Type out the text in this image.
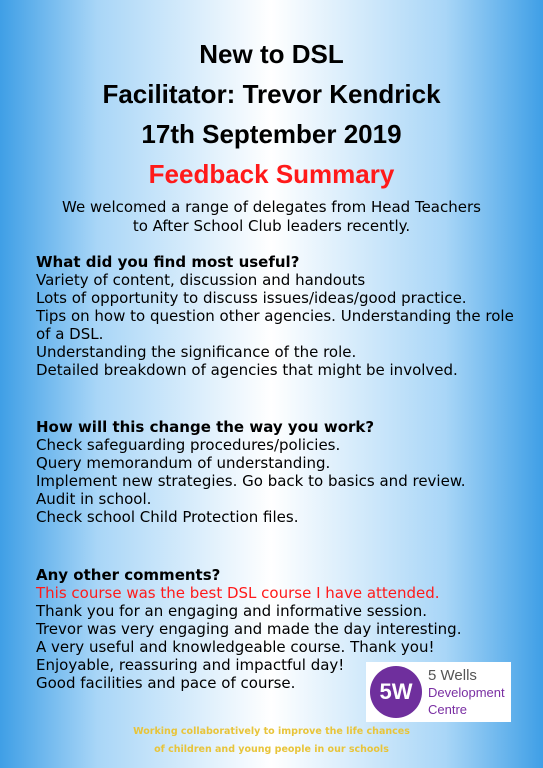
New to DSL
Facilitator: Trevor Kendrick
17th September 2019
Feedback Summary
We welcomed a range of delegates from Head Teachers
to After School Club leaders recently.
What did you find most useful?
Variety of content, discussion and handouts
Lots of opportunity to discuss issues/ideas/good practice.
Tips on how to question other agencies. Understanding the role of a DSL.
Understanding the significance of the role.
Detailed breakdown of agencies that might be involved.
How will this change the way you work?
Check safeguarding procedures/policies.
Query memorandum of understanding.
Implement new strategies. Go back to basics and review.
Audit in school.
Check school Child Protection files.
Any other comments?
This course was the best DSL course I have attended.
Thank you for an engaging and informative session.
Trevor was very engaging and made the day interesting.
A very useful and knowledgeable course. Thank you!
Enjoyable, reassuring and impactful day!
Good facilities and pace of course.	5W
5 Wells
Development
Centre
Working collaboratively to improve the life chances
of children and young people in our schools
